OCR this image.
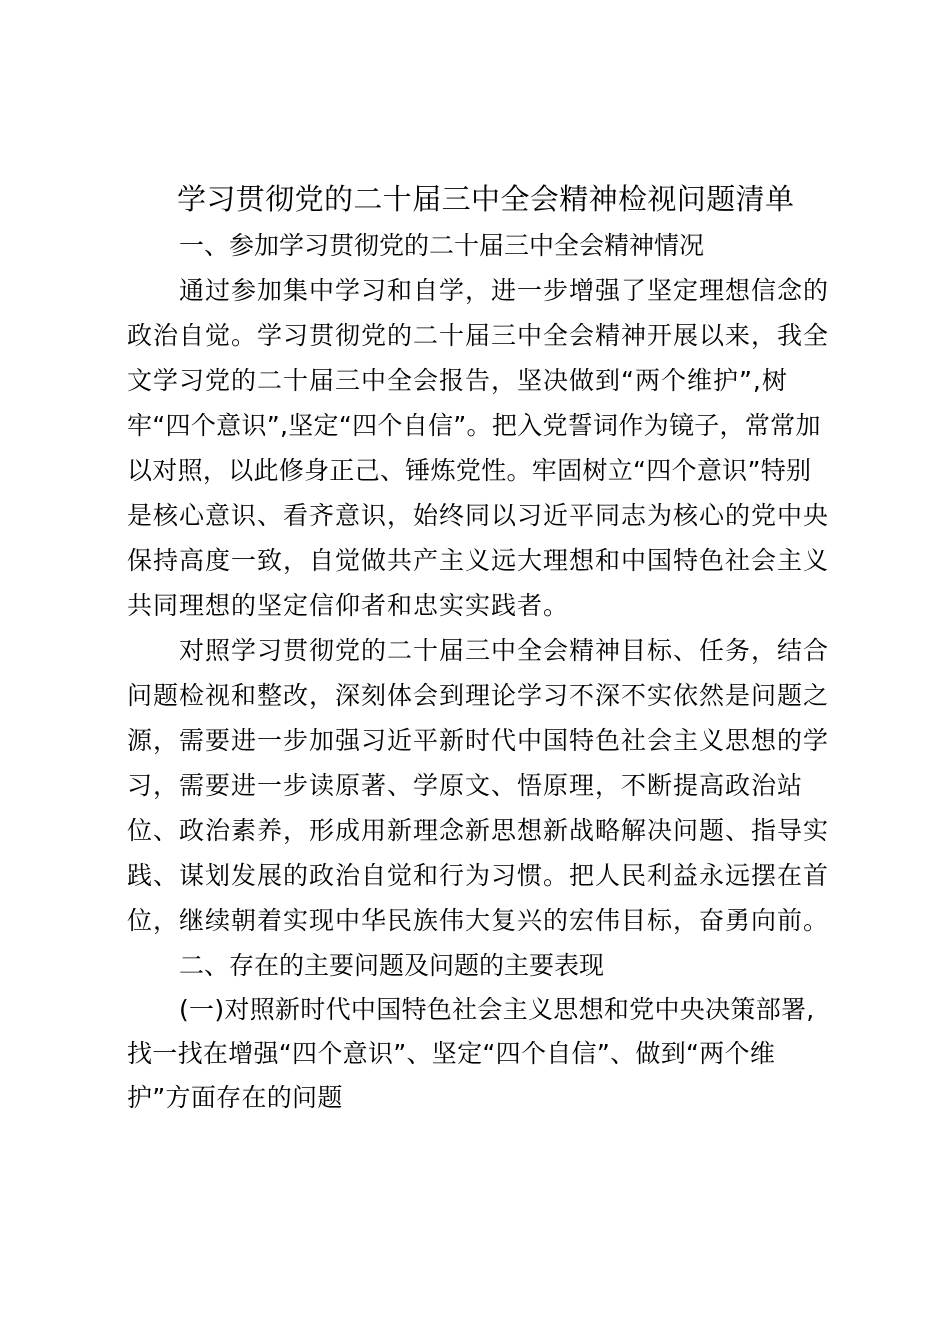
学习贯彻党的二十届三中全会精神检视问题清单
一、参加学习贯彻党的二十届三中全会精神情况

通过参加集中学习和自学，进一步增强了坚定理想信念的

政治自觉。学习贯彻党的二十届三中全会精神开展以来，我全

文学习党的二十届三中全会报告，坚决做到“两个维护”,树

牢“四个意识”,坚定“四个自信”。把入党誓词作为镜子，常常加

以对照，以此修身正己、锤炼党性。牢固树立“四个意识”特别

是核心意识、看齐意识，始终同以习近平同志为核心的党中央

保持高度一致，自觉做共产主义远大理想和中国特色社会主义

共同理想的坚定信仰者和忠实实践者。

对照学习贯彻党的二十届三中全会精神目标、任务，结合

问题检视和整改，深刻体会到理论学习不深不实依然是问题之

源，需要进一步加强习近平新时代中国特色社会主义思想的学

习，需要进一步读原著、学原文、悟原理，不断提高政治站

位、政治素养，形成用新理念新思想新战略解决问题、指导实

践、谋划发展的政治自觉和行为习惯。把人民利益永远摆在首

位，继续朝着实现中华民族伟大复兴的宏伟目标，奋勇向前。

二、存在的主要问题及问题的主要表现

(一)对照新时代中国特色社会主义思想和党中央决策部署,

找一找在增强“四个意识”、坚定“四个自信”、做到“两个维

护”方面存在的问题
